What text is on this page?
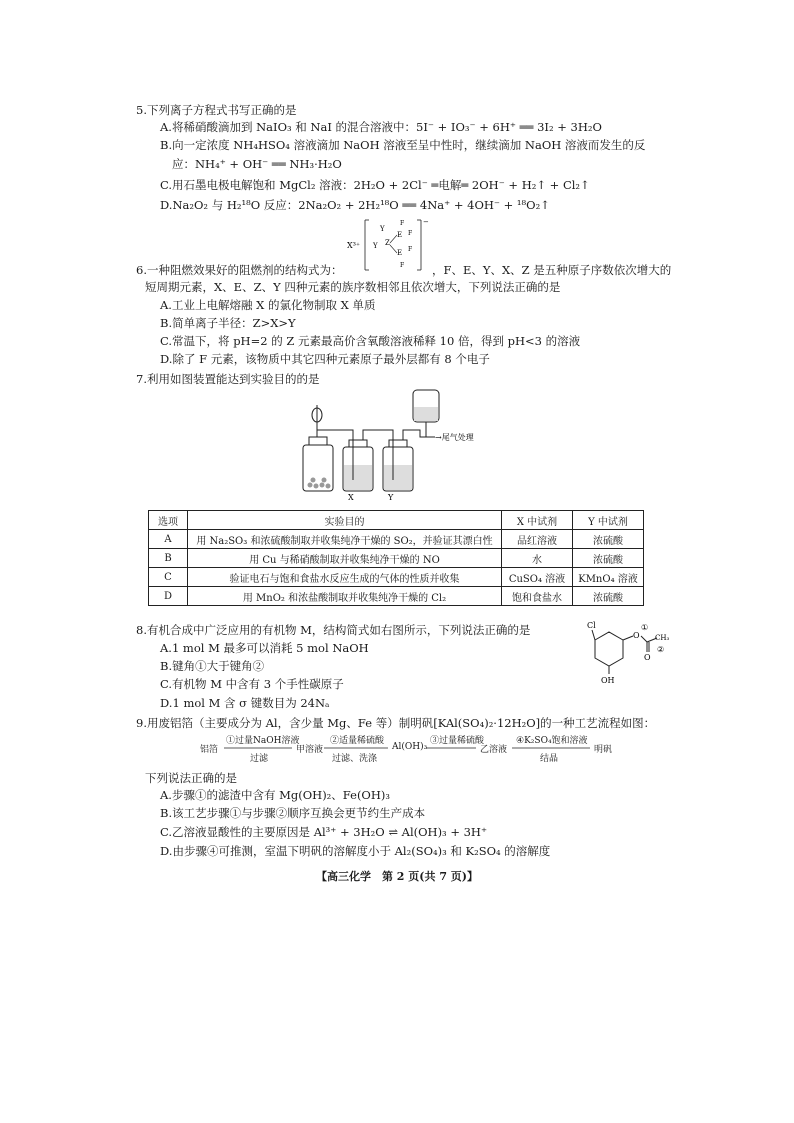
5.下列离子方程式书写正确的是
A.将稀硝酸滴加到 NaIO₃ 和 NaI 的混合溶液中：5I⁻ + IO₃⁻ + 6H⁺ ══ 3I₂ + 3H₂O
B.向一定浓度 NH₄HSO₄ 溶液滴加 NaOH 溶液至呈中性时，继续滴加 NaOH 溶液而发生的反
应：NH₄⁺ + OH⁻ ══ NH₃·H₂O
C.用石墨电极电解饱和 MgCl₂ 溶液：2H₂O + 2Cl⁻ ═电解═ 2OH⁻ + H₂↑ + Cl₂↑
D.Na₂O₂ 与 H₂¹⁸O 反应：2Na₂O₂ + 2H₂¹⁸O ══ 4Na⁺ + 4OH⁻ + ¹⁸O₂↑
X³⁺
Y
Y Z
E
E
F
F
F
F
−
6.一种阻燃效果好的阻燃剂的结构式为：	，F、E、Y、X、Z 是五种原子序数依次增大的
短周期元素，X、E、Z、Y 四种元素的族序数相邻且依次增大，下列说法正确的是
A.工业上电解熔融 X 的氯化物制取 X 单质
B.简单离子半径：Z>X>Y
C.常温下，将 pH=2 的 Z 元素最高价含氧酸溶液稀释 10 倍，得到 pH<3 的溶液
D.除了 F 元素，该物质中其它四种元素原子最外层都有 8 个电子
7.利用如图装置能达到实验目的的是
X	Y
→尾气处理
选项	实验目的	X 中试剂	Y 中试剂
A	用 Na₂SO₃ 和浓硫酸制取并收集纯净干燥的 SO₂，并验证其漂白性	品红溶液	浓硫酸
B	用 Cu 与稀硝酸制取并收集纯净干燥的 NO	水	浓硫酸
C	验证电石与饱和食盐水反应生成的气体的性质并收集	CuSO₄ 溶液	KMnO₄ 溶液
D	用 MnO₂ 和浓盐酸制取并收集纯净干燥的 Cl₂	饱和食盐水	浓硫酸
8.有机合成中广泛应用的有机物 M，结构简式如右图所示，下列说法正确的是
A.1 mol M 最多可以消耗 5 mol NaOH
B.键角①大于键角②
C.有机物 M 中含有 3 个手性碳原子
D.1 mol M 含 σ 键数目为 24Nₐ
Cl
OH
O CH₃
O
①
②
9.用废铝箔（主要成分为 Al，含少量 Mg、Fe 等）制明矾[KAl(SO₄)₂·12H₂O]的一种工艺流程如图：
铝箔
①过量NaOH溶液
过滤
甲溶液
②适量稀硫酸
过滤、洗涤
Al(OH)₃
③过量稀硫酸
乙溶液
④K₂SO₄饱和溶液
结晶
明矾
下列说法正确的是
A.步骤①的滤渣中含有 Mg(OH)₂、Fe(OH)₃
B.该工艺步骤①与步骤②顺序互换会更节约生产成本
C.乙溶液显酸性的主要原因是 Al³⁺ + 3H₂O ⇌ Al(OH)₃ + 3H⁺
D.由步骤④可推测，室温下明矾的溶解度小于 Al₂(SO₄)₃ 和 K₂SO₄ 的溶解度
【高三化学　第 2 页(共 7 页)】
